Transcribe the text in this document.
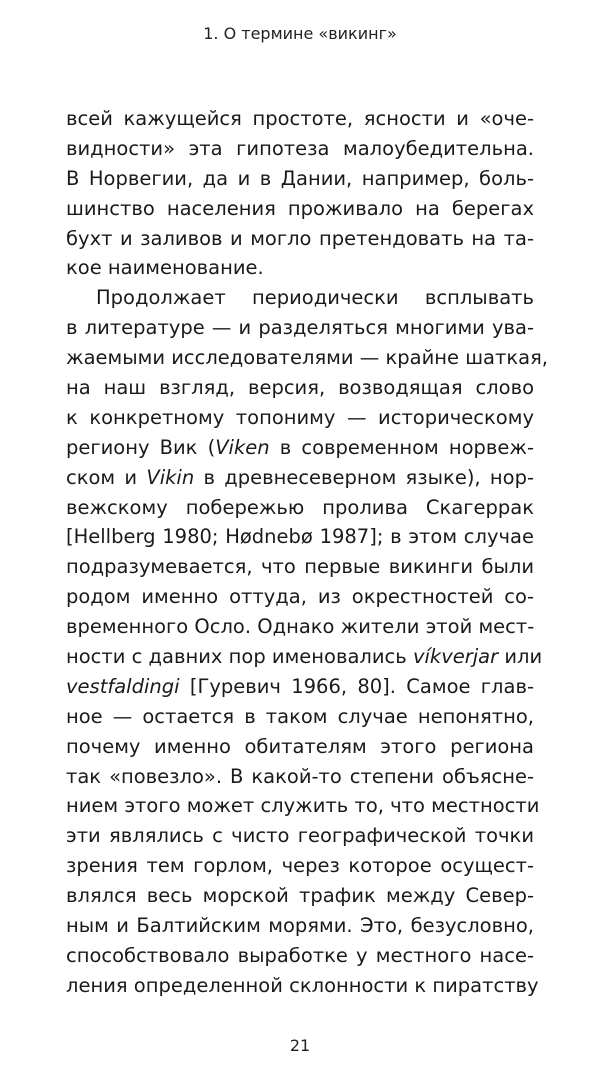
1. О термине «викинг»
всей кажущейся простоте, ясности и «оче-
видности» эта гипотеза малоубедительна.
В Норвегии, да и в Дании, например, боль-
шинство населения проживало на берегах
бухт и заливов и могло претендовать на та-
кое наименование.
Продолжает периодически всплывать
в литературе — и разделяться многими ува-
жаемыми исследователями — крайне шаткая,
на наш взгляд, версия, возводящая слово
к конкретному топониму — историческому
региону Вик (Viken в современном норвеж-
ском и Vikin в древнесеверном языке), нор-
вежскому побережью пролива Скагеррак
[Hellberg 1980; Hødnebø 1987]; в этом случае
подразумевается, что первые викинги были
родом именно оттуда, из окрестностей со-
временного Осло. Однако жители этой мест-
ности с давних пор именовались víkverjar или
vestfaldingi [Гуревич 1966, 80]. Самое глав-
ное — остается в таком случае непонятно,
почему именно обитателям этого региона
так «повезло». В какой-то степени объясне-
нием этого может служить то, что местности
эти являлись с чисто географической точки
зрения тем горлом, через которое осущест-
влялся весь морской трафик между Север-
ным и Балтийским морями. Это, безусловно,
способствовало выработке у местного насе-
ления определенной склонности к пиратству
21
